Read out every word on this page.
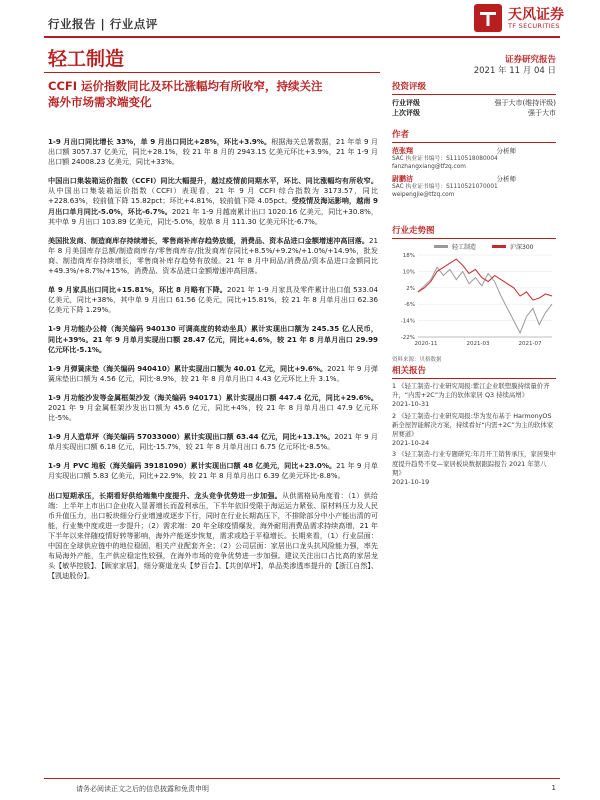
行业报告 | 行业点评
天风证券
TF SECURITIES
轻工制造	证券研究报告
2021 年 11 月 04 日
CCFI 运价指数同比及环比涨幅均有所收窄，持续关注
海外市场需求端变化

1-9 月出口同比增长 33%，单 9 月出口同比+28%，环比+3.9%。根据海关总署数据，21 年单 9 月出口额 3057.37 亿美元，同比+28.1%，较 21 年 8 月的 2943.15 亿美元环比+3.9%，21 年 1-9 月出口额 24008.23 亿美元，同比+33%。

中国出口集装箱运价指数（CCFI）同比大幅提升，越过疫情前同期水平，环比、同比涨幅均有所收窄。从中国出口集装箱运价指数（CCFI）表现看，21 年 9 月 CCFI 综合指数为 3173.57，同比+228.63%，较前值下降 15.82pct；环比+4.81%，较前值下降 4.05pct。受疫情及海运影响，越南 9 月出口单月同比-5.0%，环比-6.7%。2021 年 1-9 月越南累计出口 1020.16 亿美元，同比+30.8%，其中单 9 月出口 103.89 亿美元，同比-5.0%，较单 8 月 111.30 亿美元环比-6.7%。

美国批发商、制造商库存持续增长，零售商补库存趋势放缓，消费品、资本品进口金额增速冲高回落。21 年 8 月美国库存总额/制造商库存/零售商库存/批发商库存同比+8.5%/+9.2%/+1.0%/+14.9%，批发商、制造商库存持续增长，零售商补库存趋势有放缓。21 年 8 月中间品/消费品/资本品进口金额同比+49.3%/+8.7%/+15%，消费品、资本品进口金额增速冲高回落。

单 9 月家具出口同比+15.81%，环比 8 月略有下降。2021 年 1-9 月家具及零件累计出口值 533.04 亿美元，同比+38%，其中单 9 月出口 61.56 亿美元，同比+15.81%，较 21 年 8 月单月出口 62.36 亿美元下降 1.29%。

1-9 月功能办公椅（海关编码 940130 可调高度的转动坐具）累计实现出口额为 245.35 亿人民币，同比+39%。21 年 9 月单月实现出口额 28.47 亿元，同比+4.6%，较 21 年 8 月单月出口 29.99 亿元环比-5.1%。

1-9 月弹簧床垫（海关编码 940410）累计实现出口额为 40.01 亿元，同比+9.6%。2021 年 9 月弹簧床垫出口额为 4.56 亿元，同比-8.9%，较 21 年 8 月单月出口 4.43 亿元环比上升 3.1%。

1-9 月功能沙发等金属框架沙发（海关编码 940171）累计实现出口额 447.4 亿元，同比+29.6%。2021 年 9 月金属框架沙发出口额为 45.6 亿元，同比+4%，较 21 年 8 月单月出口 47.9 亿元环比-5%。

1-9 月人造草坪（海关编码 57033000）累计实现出口额 63.44 亿元，同比+13.1%。2021 年 9 月单月实现出口额 6.18 亿元，同比-15.7%，较 21 年 8 月单月出口 6.75 亿元环比-8.5%。

1-9 月 PVC 地板（海关编码 39181090）累计实现出口额 48 亿美元，同比+23.0%。21 年 9 月单月实现出口额 5.83 亿美元，同比+22.9%，较 21 年 8 月单月出口 6.39 亿美元环比-8.8%。

出口短期承压，长期看好供给端集中度提升、龙头竞争优势进一步加强。从供需格局角度看：（1）供给端：上半年上市出口企业收入显著增长而盈利承压，下半年依旧受限于海运运力紧张、原材料压力及人民币升值压力，出口板块细分行业增速或逐步下行，同时在行业长期高压下，不排除部分中小产能出清的可能，行业集中度或进一步提升；（2）需求端：20 年全球疫情爆发，海外耐用消费品需求持续高增，21 年下半年以来伴随疫情好转等影响，海外产能逐步恢复，需求或趋于平稳增长。长期来看，（1）行业层面：中国在全球供应链中的地位稳固，相关产业配套齐全；（2）公司层面：家居出口龙头抗风险能力强，率先布局海外产能，生产供应稳定性较强，在海外市场的竞争优势进一步加强。建议关注出口占比高的家居龙头【敏华控股】、【顾家家居】，细分赛道龙头【梦百合】、【共创草坪】，单品类渗透率提升的【浙江自然】、【凯迪股份】。

投资评级
行业评级	强于大市(维持评级)
上次评级	强于大市
作者
范张翔	分析师
SAC 执业证书编号：S1110518080004
fanzhangxiang@tfzq.com
尉鹏洁	分析师
SAC 执业证书编号：S1110521070001
weipengjie@tfzq.com
行业走势图
轻工制造	沪深300
18%
10%
2%
-6%
-14%
-22%
2020-11	2021-03	2021-07
资料来源：贝格数据
相关报告
1 《轻工制造-行业研究周报:紫江企业联塑膜持续量价齐升，“内需+2C”为主的软体家居 Q3 持续高增》
2021-10-31
2 《轻工制造-行业研究周报:华为发布基于 HarmonyOS 新全屋智能解决方案，持续看好“内需+2C”为主的软体家居赛道》
2021-10-24
3 《轻工制造-行业专题研究:年月开工销售承压，家居集中度提升趋势不变—家居板块数据跟踪报告 2021 年第八期》
2021-10-19
请务必阅读正文之后的信息披露和免责申明	1
